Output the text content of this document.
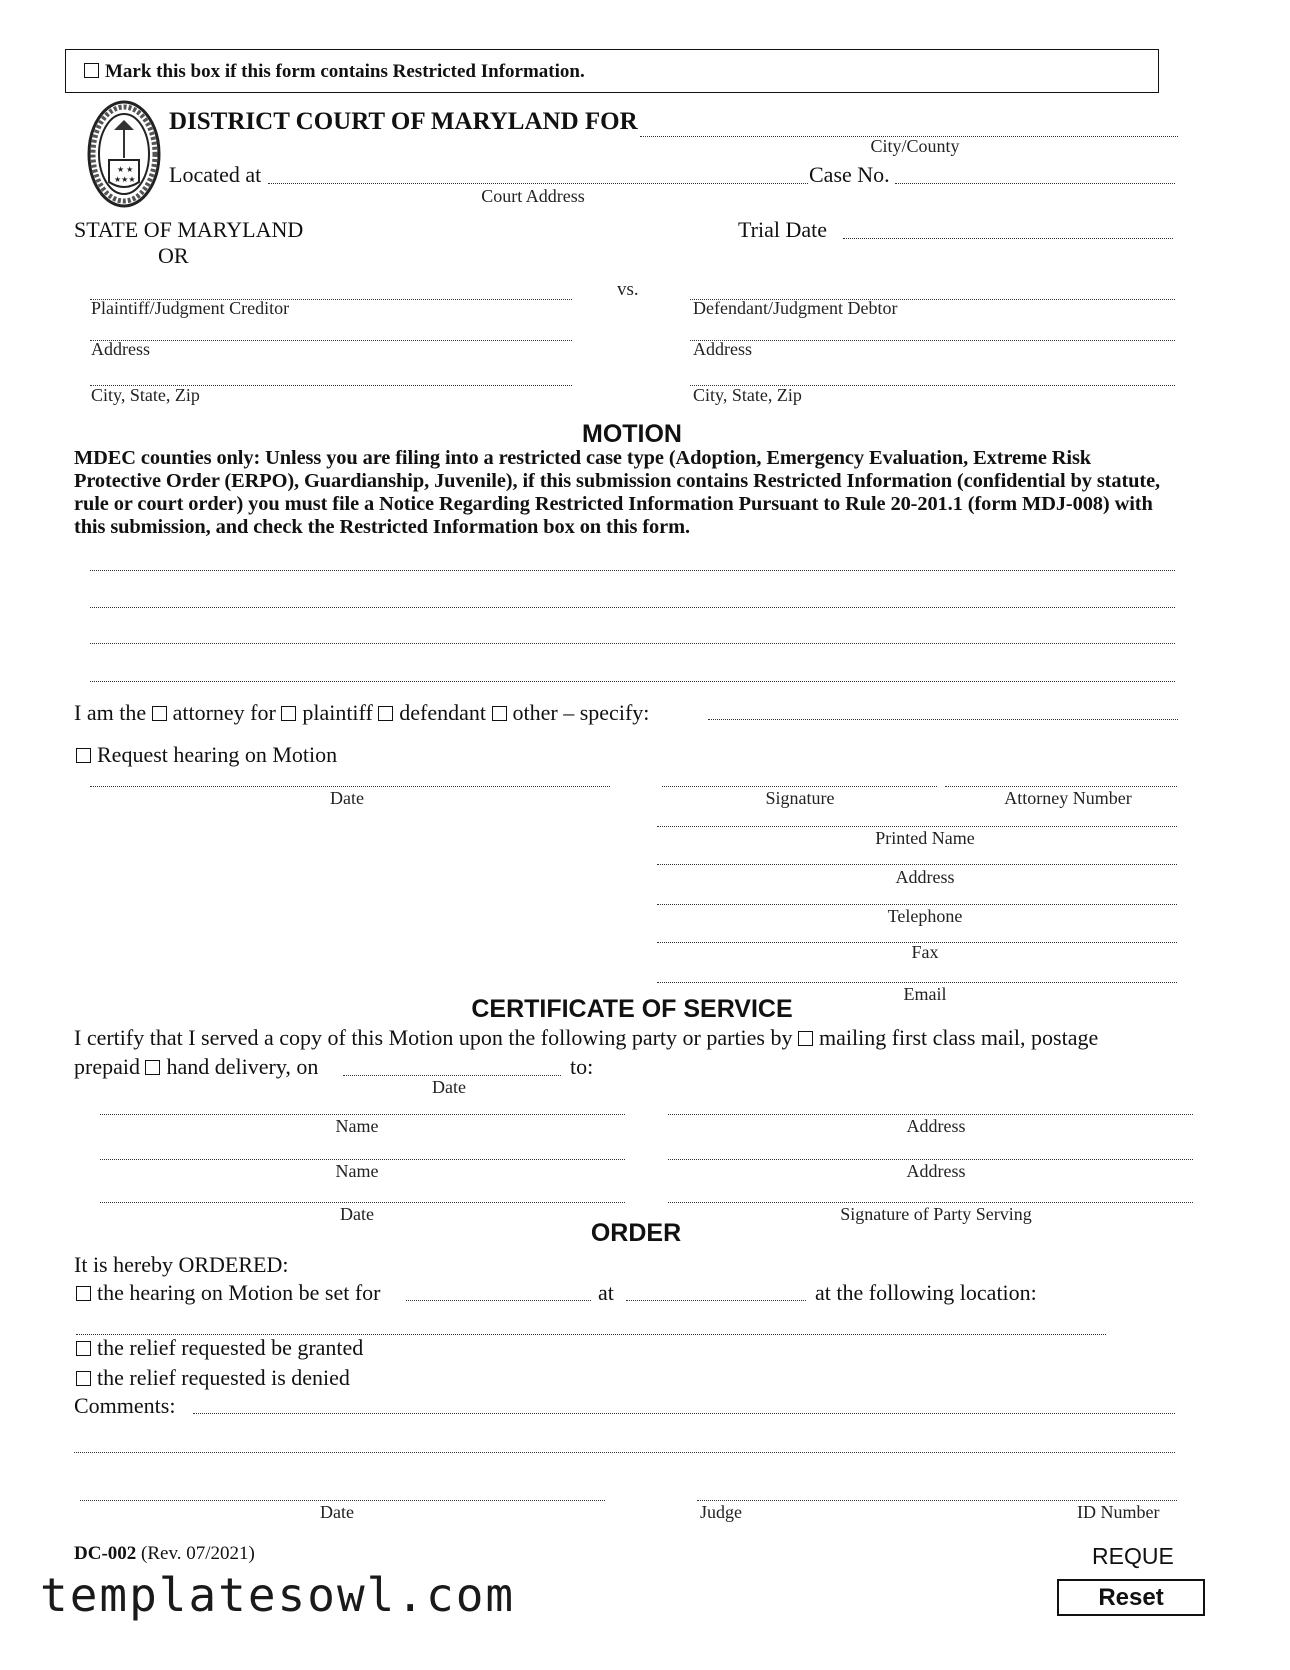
Mark this box if this form contains Restricted Information.
★ ★
★★★
DISTRICT COURT OF MARYLAND FOR
City/County
Located at
Court Address
Case No.
STATE OF MARYLAND
OR
Trial Date
vs.
Plaintiff/Judgment Creditor
Address
City, State, Zip
Defendant/Judgment Debtor
Address
City, State, Zip
MOTION
MDEC counties only: Unless you are filing into a restricted case type (Adoption, Emergency Evaluation, Extreme Risk Protective Order (ERPO), Guardianship, Juvenile), if this submission contains Restricted Information (confidential by statute, rule or court order) you must file a Notice Regarding Restricted Information Pursuant to Rule 20-201.1 (form MDJ-008) with this submission, and check the Restricted Information box on this form.
I am the attorney for plaintiff defendant other – specify:
Request hearing on Motion
Date	Signature	Attorney Number
Printed Name
Address
Telephone
Fax
Email
CERTIFICATE OF SERVICE
I certify that I served a copy of this Motion upon the following party or parties by mailing first class mail, postage
prepaid hand delivery, on
Date
to:
Name	Address
Name	Address
Date	Signature of Party Serving
ORDER
It is hereby ORDERED:
the hearing on Motion be set for	at	at the following location:
the relief requested be granted
the relief requested is denied
Comments:
Date	Judge	ID Number
DC-002 (Rev. 07/2021)	REQUE
Reset
templatesowl.com
